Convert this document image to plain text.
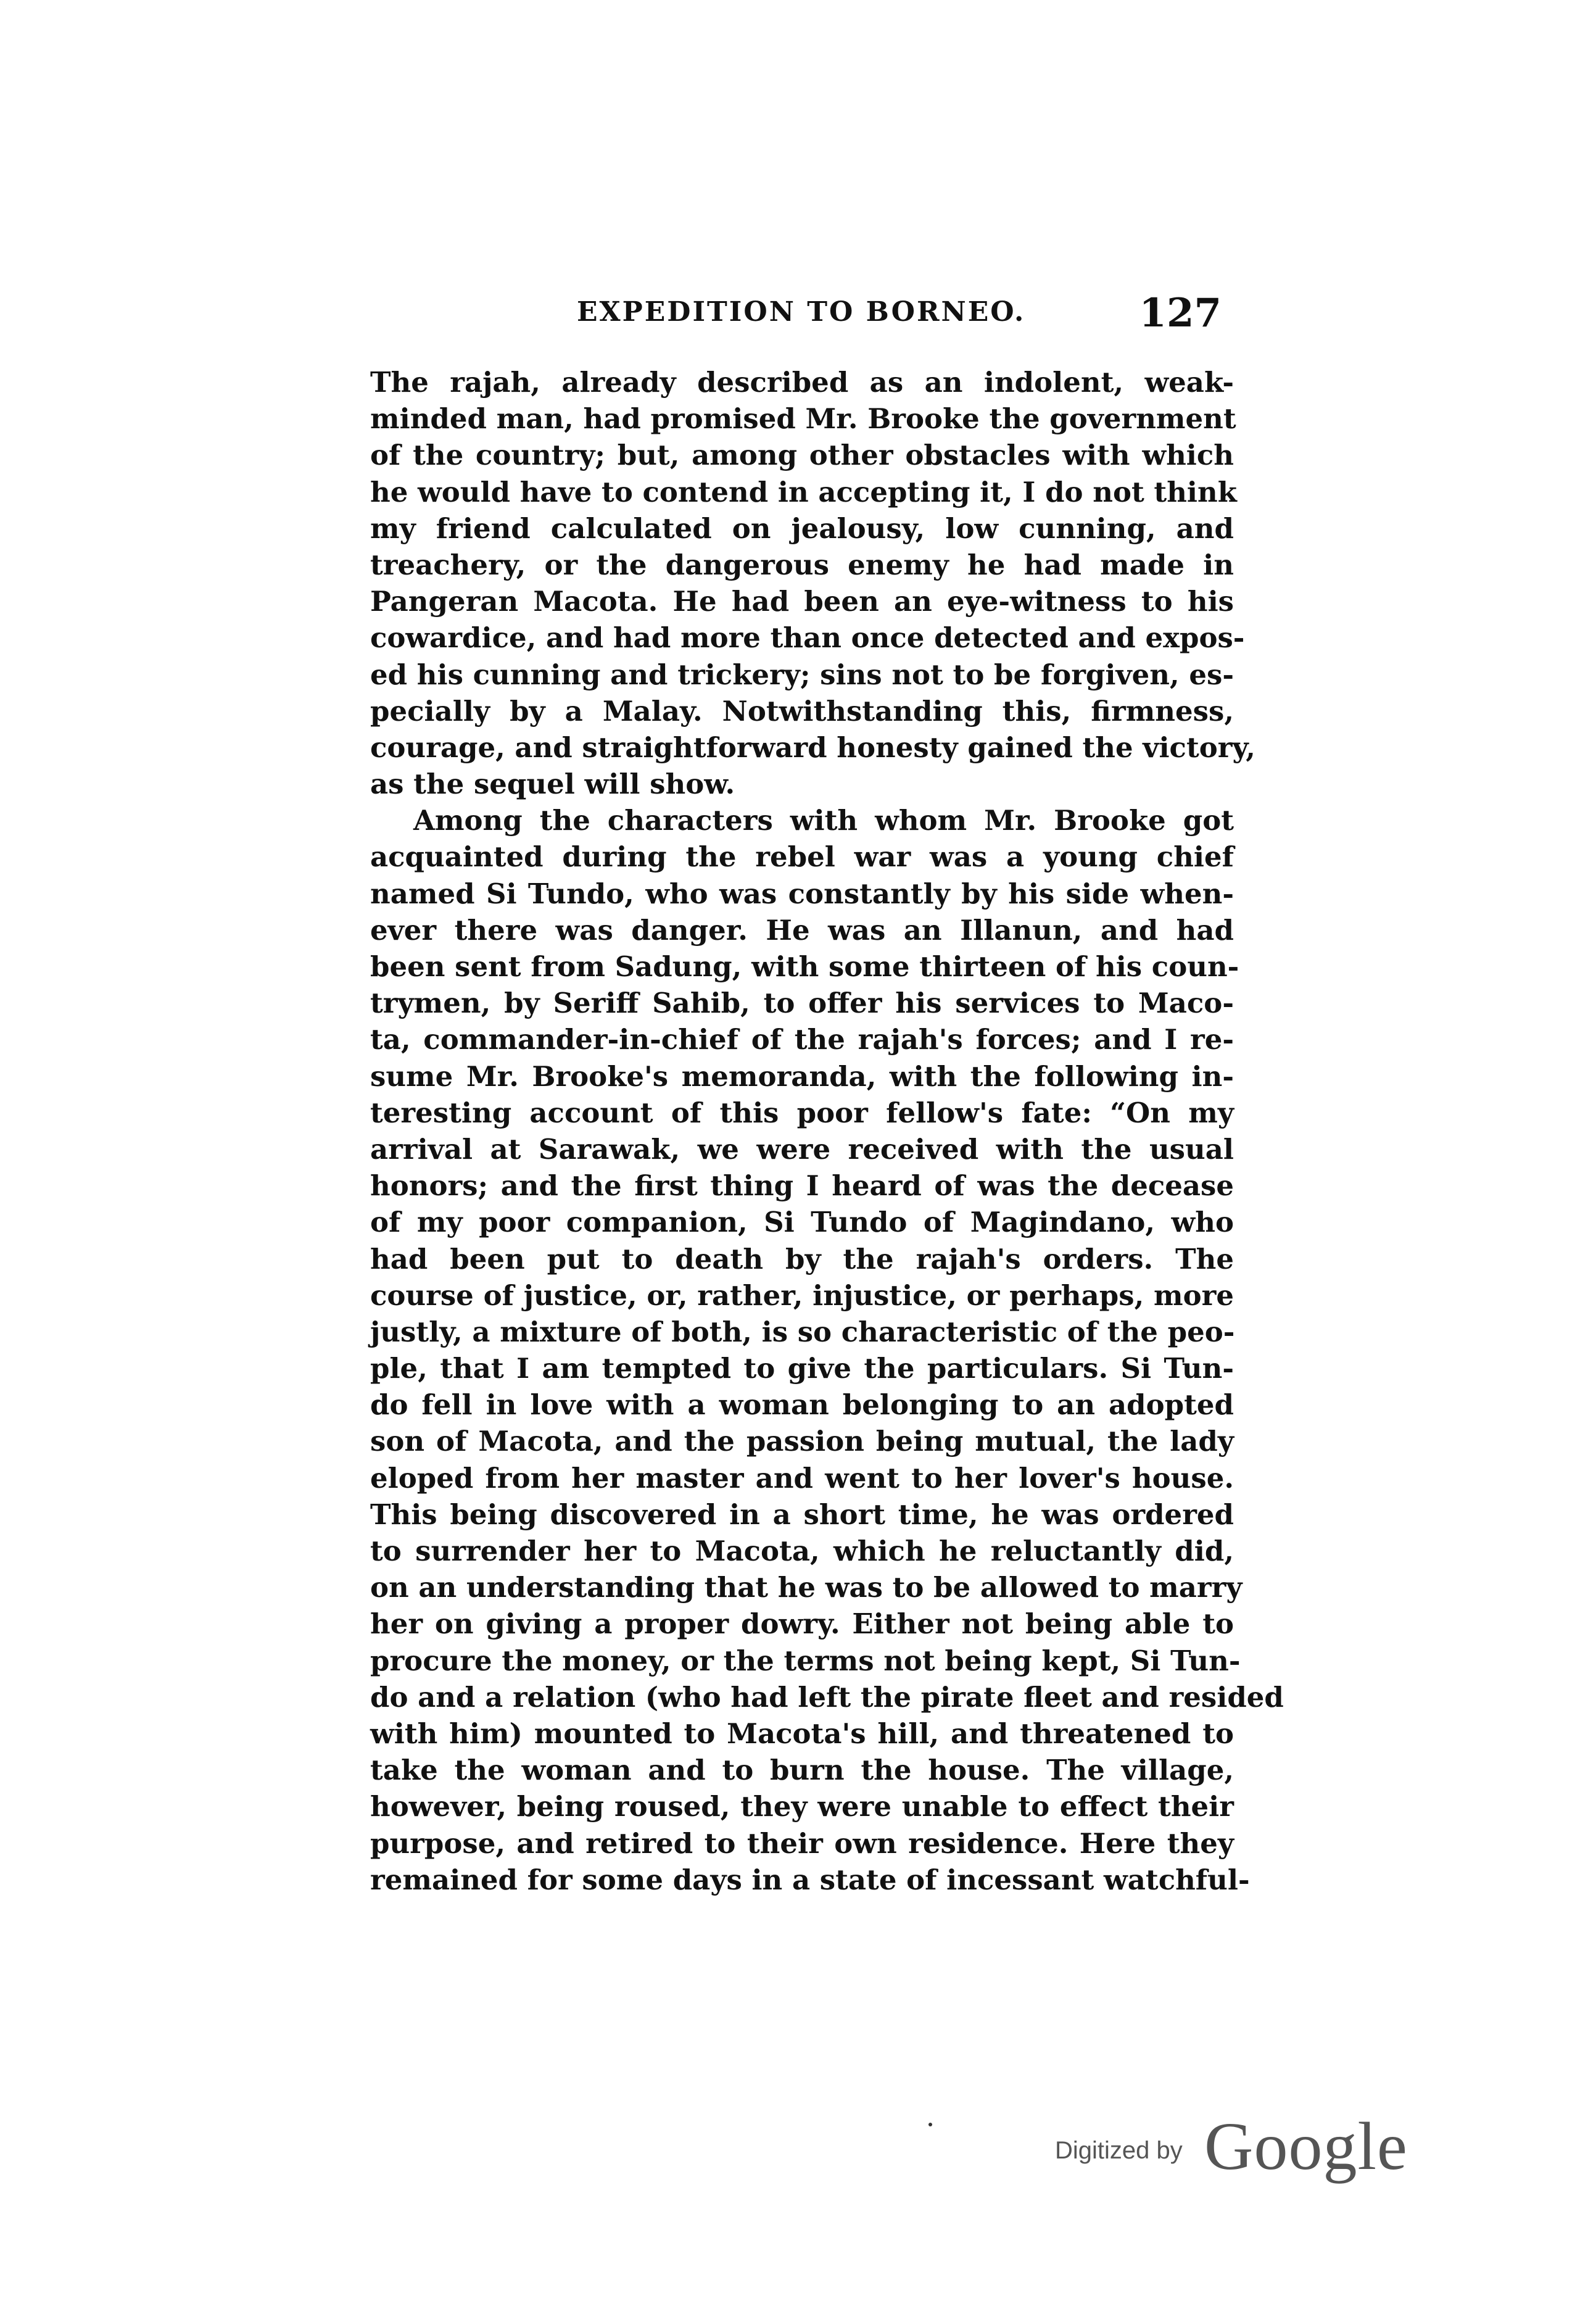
EXPEDITION TO BORNEO.	127
The rajah, already described as an indolent, weak-
minded man, had promised Mr. Brooke the government
of the country; but, among other obstacles with which
he would have to contend in accepting it, I do not think
my friend calculated on jealousy, low cunning, and
treachery, or the dangerous enemy he had made in
Pangeran Macota. He had been an eye-witness to his
cowardice, and had more than once detected and expos-
ed his cunning and trickery; sins not to be forgiven, es-
pecially by a Malay. Notwithstanding this, firmness,
courage, and straightforward honesty gained the victory,
as the sequel will show.
Among the characters with whom Mr. Brooke got
acquainted during the rebel war was a young chief
named Si Tundo, who was constantly by his side when-
ever there was danger. He was an Illanun, and had
been sent from Sadung, with some thirteen of his coun-
trymen, by Seriff Sahib, to offer his services to Maco-
ta, commander-in-chief of the rajah's forces; and I re-
sume Mr. Brooke's memoranda, with the following in-
teresting account of this poor fellow's fate: “On my
arrival at Sarawak, we were received with the usual
honors; and the first thing I heard of was the decease
of my poor companion, Si Tundo of Magindano, who
had been put to death by the rajah's orders. The
course of justice, or, rather, injustice, or perhaps, more
justly, a mixture of both, is so characteristic of the peo-
ple, that I am tempted to give the particulars. Si Tun-
do fell in love with a woman belonging to an adopted
son of Macota, and the passion being mutual, the lady
eloped from her master and went to her lover's house.
This being discovered in a short time, he was ordered
to surrender her to Macota, which he reluctantly did,
on an understanding that he was to be allowed to marry
her on giving a proper dowry. Either not being able to
procure the money, or the terms not being kept, Si Tun-
do and a relation (who had left the pirate fleet and resided
with him) mounted to Macota's hill, and threatened to
take the woman and to burn the house. The village,
however, being roused, they were unable to effect their
purpose, and retired to their own residence. Here they
remained for some days in a state of incessant watchful-
Digitized by Google
